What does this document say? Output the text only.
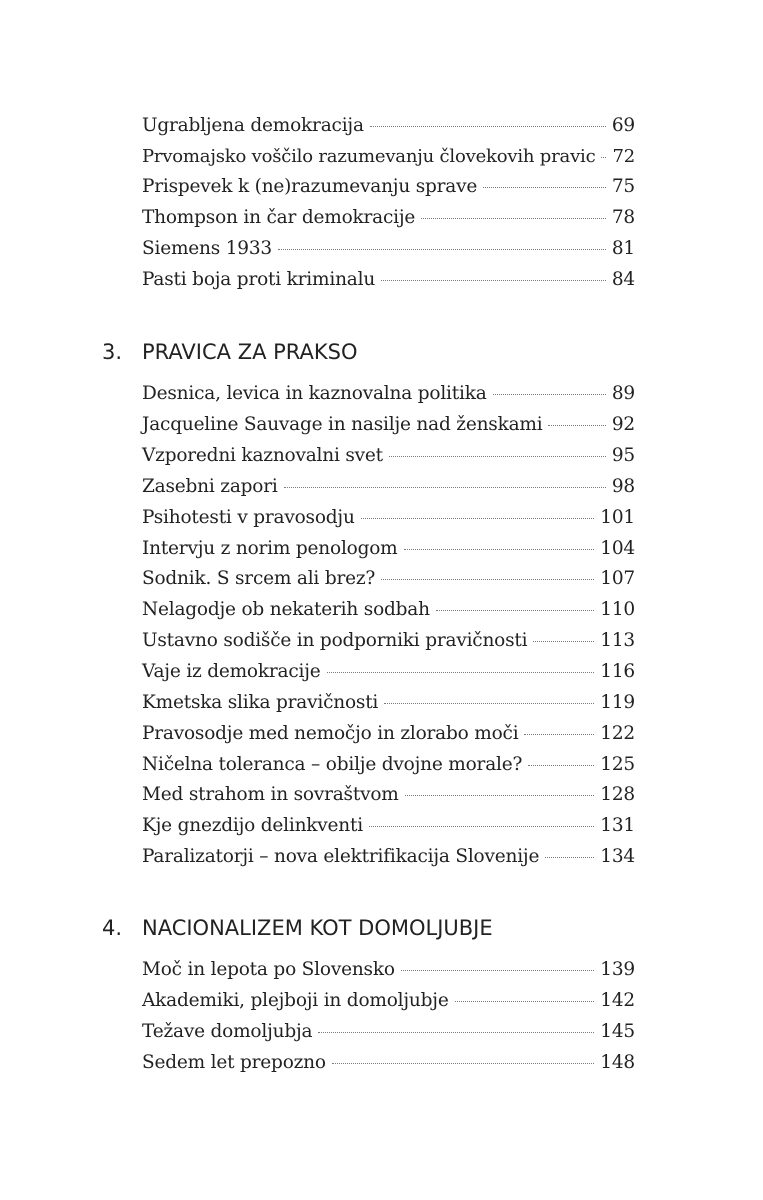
Ugrabljena demokracija	69
Prvomajsko voščilo razumevanju človekovih pravic 72
Prispevek k (ne)razumevanju sprave	75
Thompson in čar demokracije	78
Siemens 1933	81
Pasti boja proti kriminalu	84
3. PRAVICA ZA PRAKSO
Desnica, levica in kaznovalna politika	89
Jacqueline Sauvage in nasilje nad ženskami	92
Vzporedni kaznovalni svet	95
Zasebni zapori	98
Psihotesti v pravosodju	101
Intervju z norim penologom	104
Sodnik. S srcem ali brez?	107
Nelagodje ob nekaterih sodbah	110
Ustavno sodišče in podporniki pravičnosti	113
Vaje iz demokracije	116
Kmetska slika pravičnosti	119
Pravosodje med nemočjo in zlorabo moči	122
Ničelna toleranca – obilje dvojne morale?	125
Med strahom in sovraštvom	128
Kje gnezdijo delinkventi	131
Paralizatorji – nova elektrifikacija Slovenije	134
4. NACIONALIZEM KOT DOMOLJUBJE
Moč in lepota po Slovensko	139
Akademiki, plejboji in domoljubje	142
Težave domoljubja	145
Sedem let prepozno	148
